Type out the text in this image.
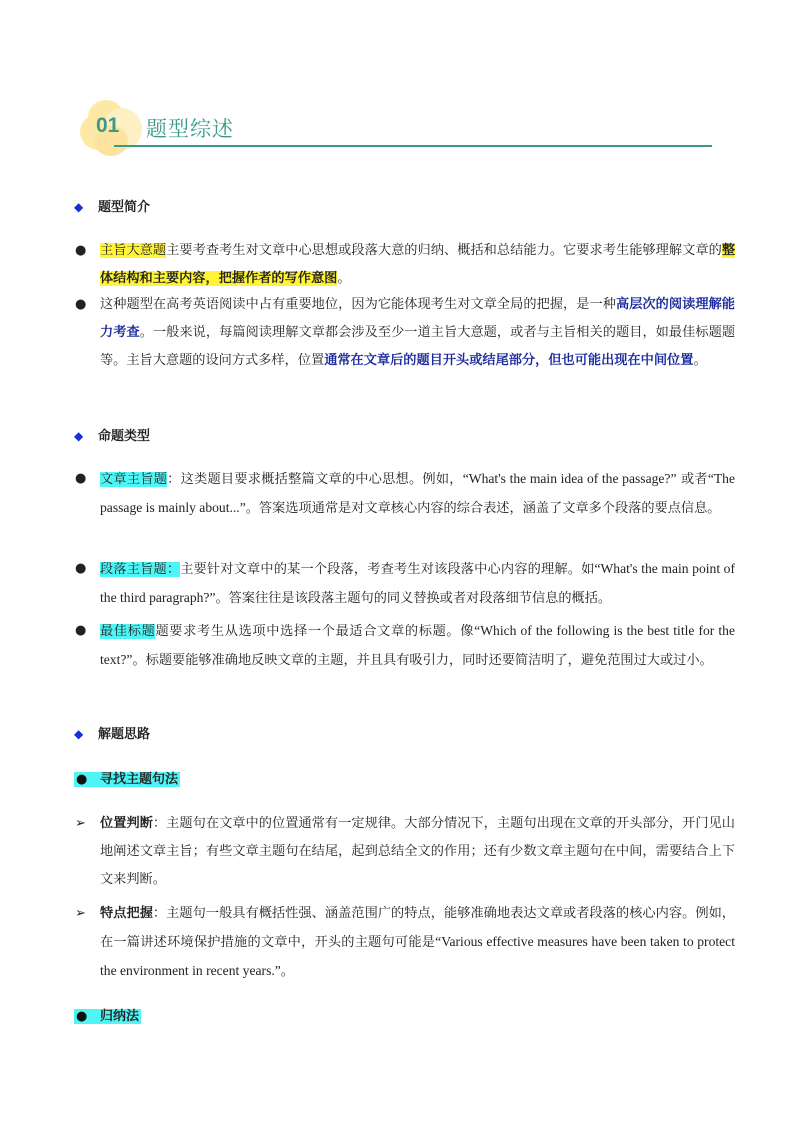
01 题型综述
◆ 题型简介
● 主旨大意题主要考查考生对文章中心思想或段落大意的归纳、概括和总结能力。它要求考生能够理解文章的整体结构和主要内容，把握作者的写作意图。
● 这种题型在高考英语阅读中占有重要地位，因为它能体现考生对文章全局的把握，是一种高层次的阅读理解能力考查。一般来说，每篇阅读理解文章都会涉及至少一道主旨大意题，或者与主旨相关的题目，如最佳标题题等。主旨大意题的设问方式多样，位置通常在文章后的题目开头或结尾部分，但也可能出现在中间位置。
◆ 命题类型
● 文章主旨题：这类题目要求概括整篇文章的中心思想。例如，“What's the main idea of the passage?” 或者“The passage is mainly about...”。答案选项通常是对文章核心内容的综合表述，涵盖了文章多个段落的要点信息。
● 段落主旨题：主要针对文章中的某一个段落，考查考生对该段落中心内容的理解。如“What's the main point of the third paragraph?”。答案往往是该段落主题句的同义替换或者对段落细节信息的概括。
● 最佳标题题要求考生从选项中选择一个最适合文章的标题。像“Which of the following is the best title for the text?”。标题要能够准确地反映文章的主题，并且具有吸引力，同时还要简洁明了，避免范围过大或过小。
◆ 解题思路
● 寻找主题句法
➢ 位置判断：主题句在文章中的位置通常有一定规律。大部分情况下，主题句出现在文章的开头部分，开门见山地阐述文章主旨；有些文章主题句在结尾，起到总结全文的作用；还有少数文章主题句在中间，需要结合上下文来判断。
➢ 特点把握：主题句一般具有概括性强、涵盖范围广的特点，能够准确地表达文章或者段落的核心内容。例如，在一篇讲述环境保护措施的文章中，开头的主题句可能是“Various effective measures have been taken to protect the environment in recent years.”。
● 归纳法
